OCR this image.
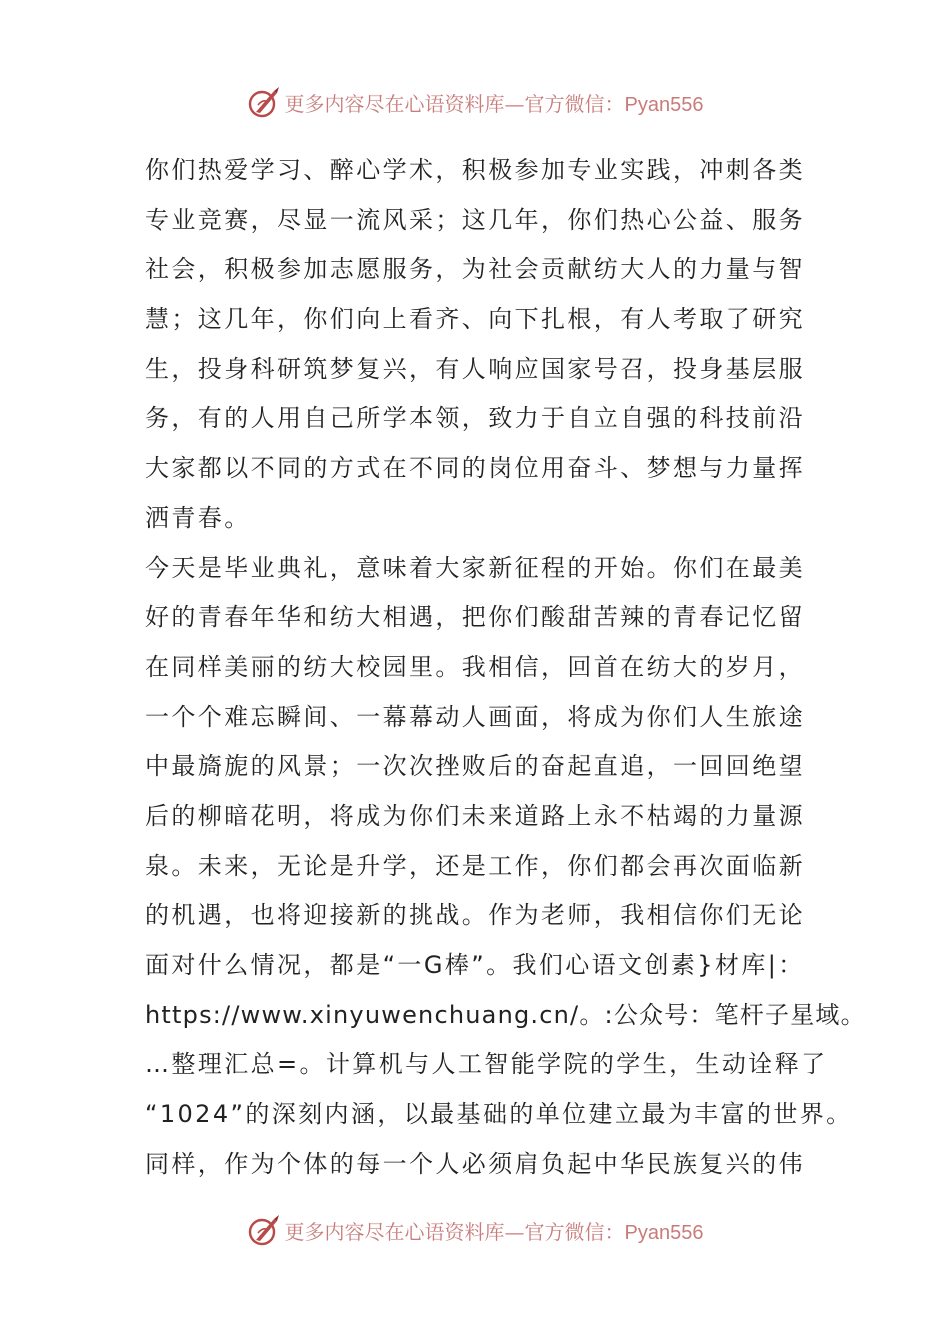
更多内容尽在心语资料库—官方微信：Pyan556
你们热爱学习、醉心学术，积极参加专业实践，冲刺各类
专业竞赛，尽显一流风采；这几年，你们热心公益、服务
社会，积极参加志愿服务，为社会贡献纺大人的力量与智
慧；这几年，你们向上看齐、向下扎根，有人考取了研究
生，投身科研筑梦复兴，有人响应国家号召，投身基层服
务，有的人用自己所学本领，致力于自立自强的科技前沿
大家都以不同的方式在不同的岗位用奋斗、梦想与力量挥
洒青春。
今天是毕业典礼，意味着大家新征程的开始。你们在最美
好的青春年华和纺大相遇，把你们酸甜苦辣的青春记忆留
在同样美丽的纺大校园里。我相信，回首在纺大的岁月，
一个个难忘瞬间、一幕幕动人画面，将成为你们人生旅途
中最旖旎的风景；一次次挫败后的奋起直追，一回回绝望
后的柳暗花明，将成为你们未来道路上永不枯竭的力量源
泉。未来，无论是升学，还是工作，你们都会再次面临新
的机遇，也将迎接新的挑战。作为老师，我相信你们无论
面对什么情况，都是“一G棒”。我们心语文创素}材库|：
https://www.xinyuwenchuang.cn/。:公众号：笔杆子星域。
…整理汇总=。计算机与人工智能学院的学生，生动诠释了
“1024”的深刻内涵，以最基础的单位建立最为丰富的世界。
同样，作为个体的每一个人必须肩负起中华民族复兴的伟
更多内容尽在心语资料库—官方微信：Pyan556
